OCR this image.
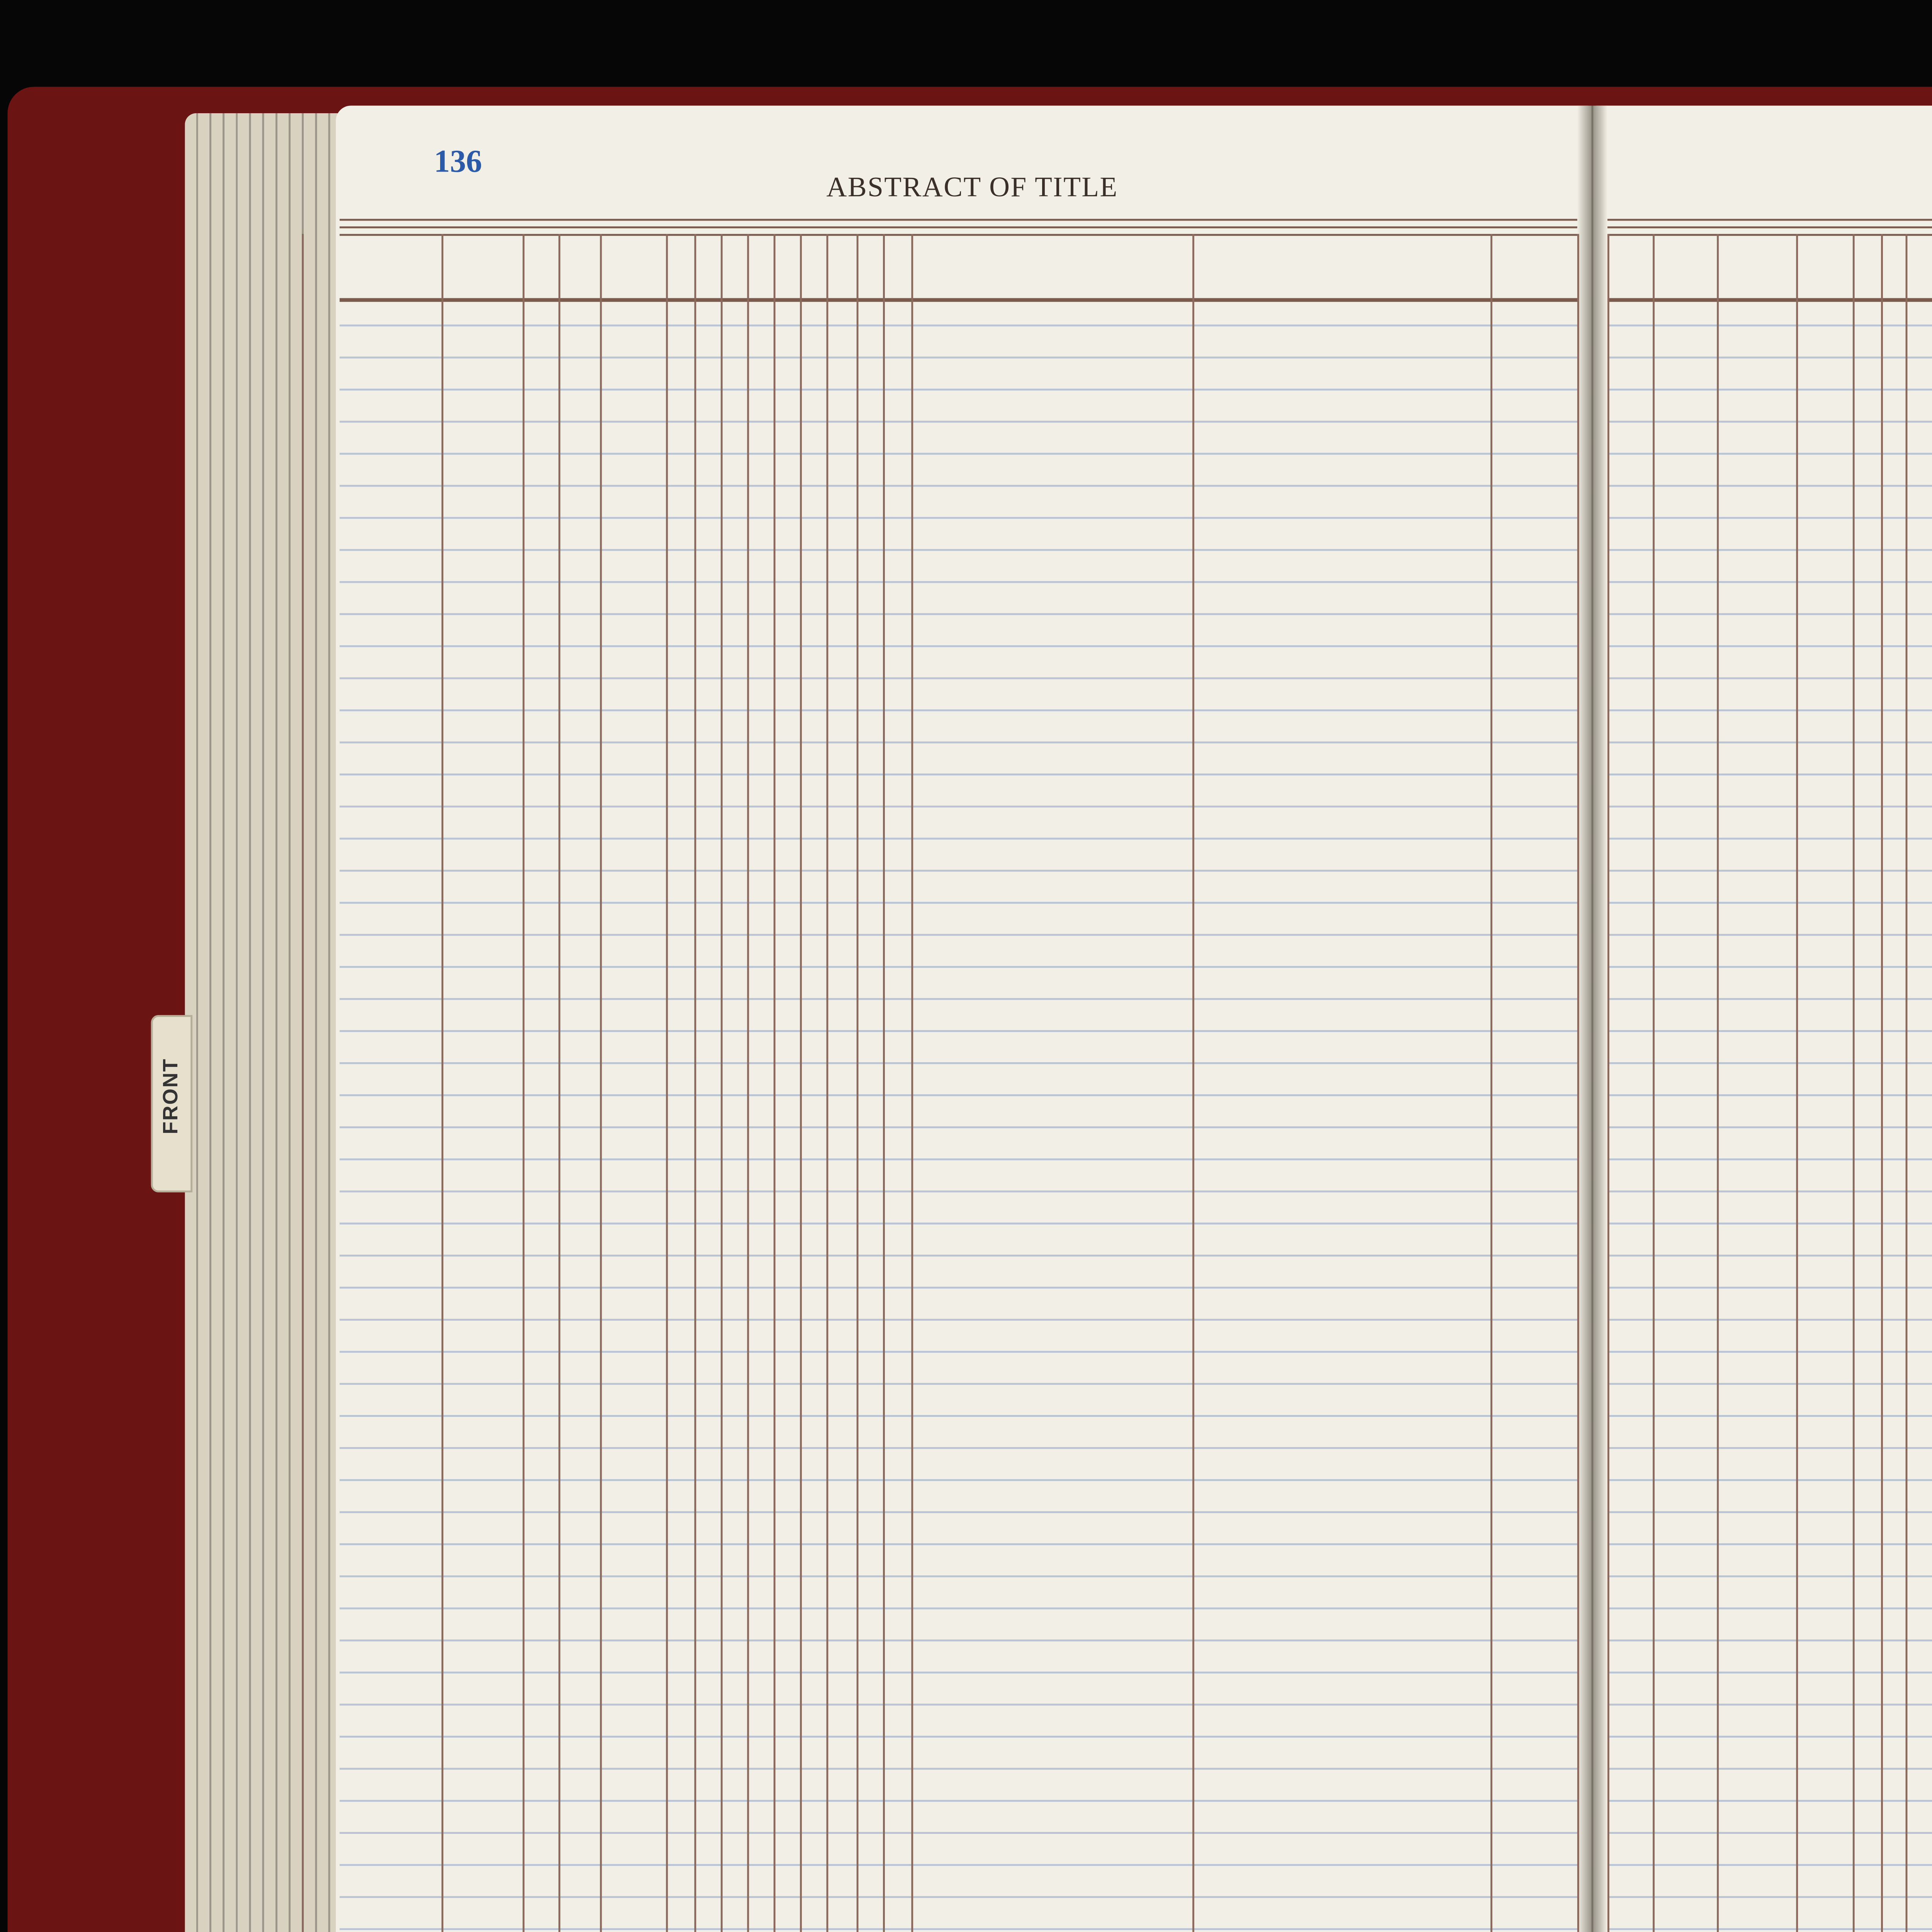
FRONT
136
ABSTRACT OF TITLE
